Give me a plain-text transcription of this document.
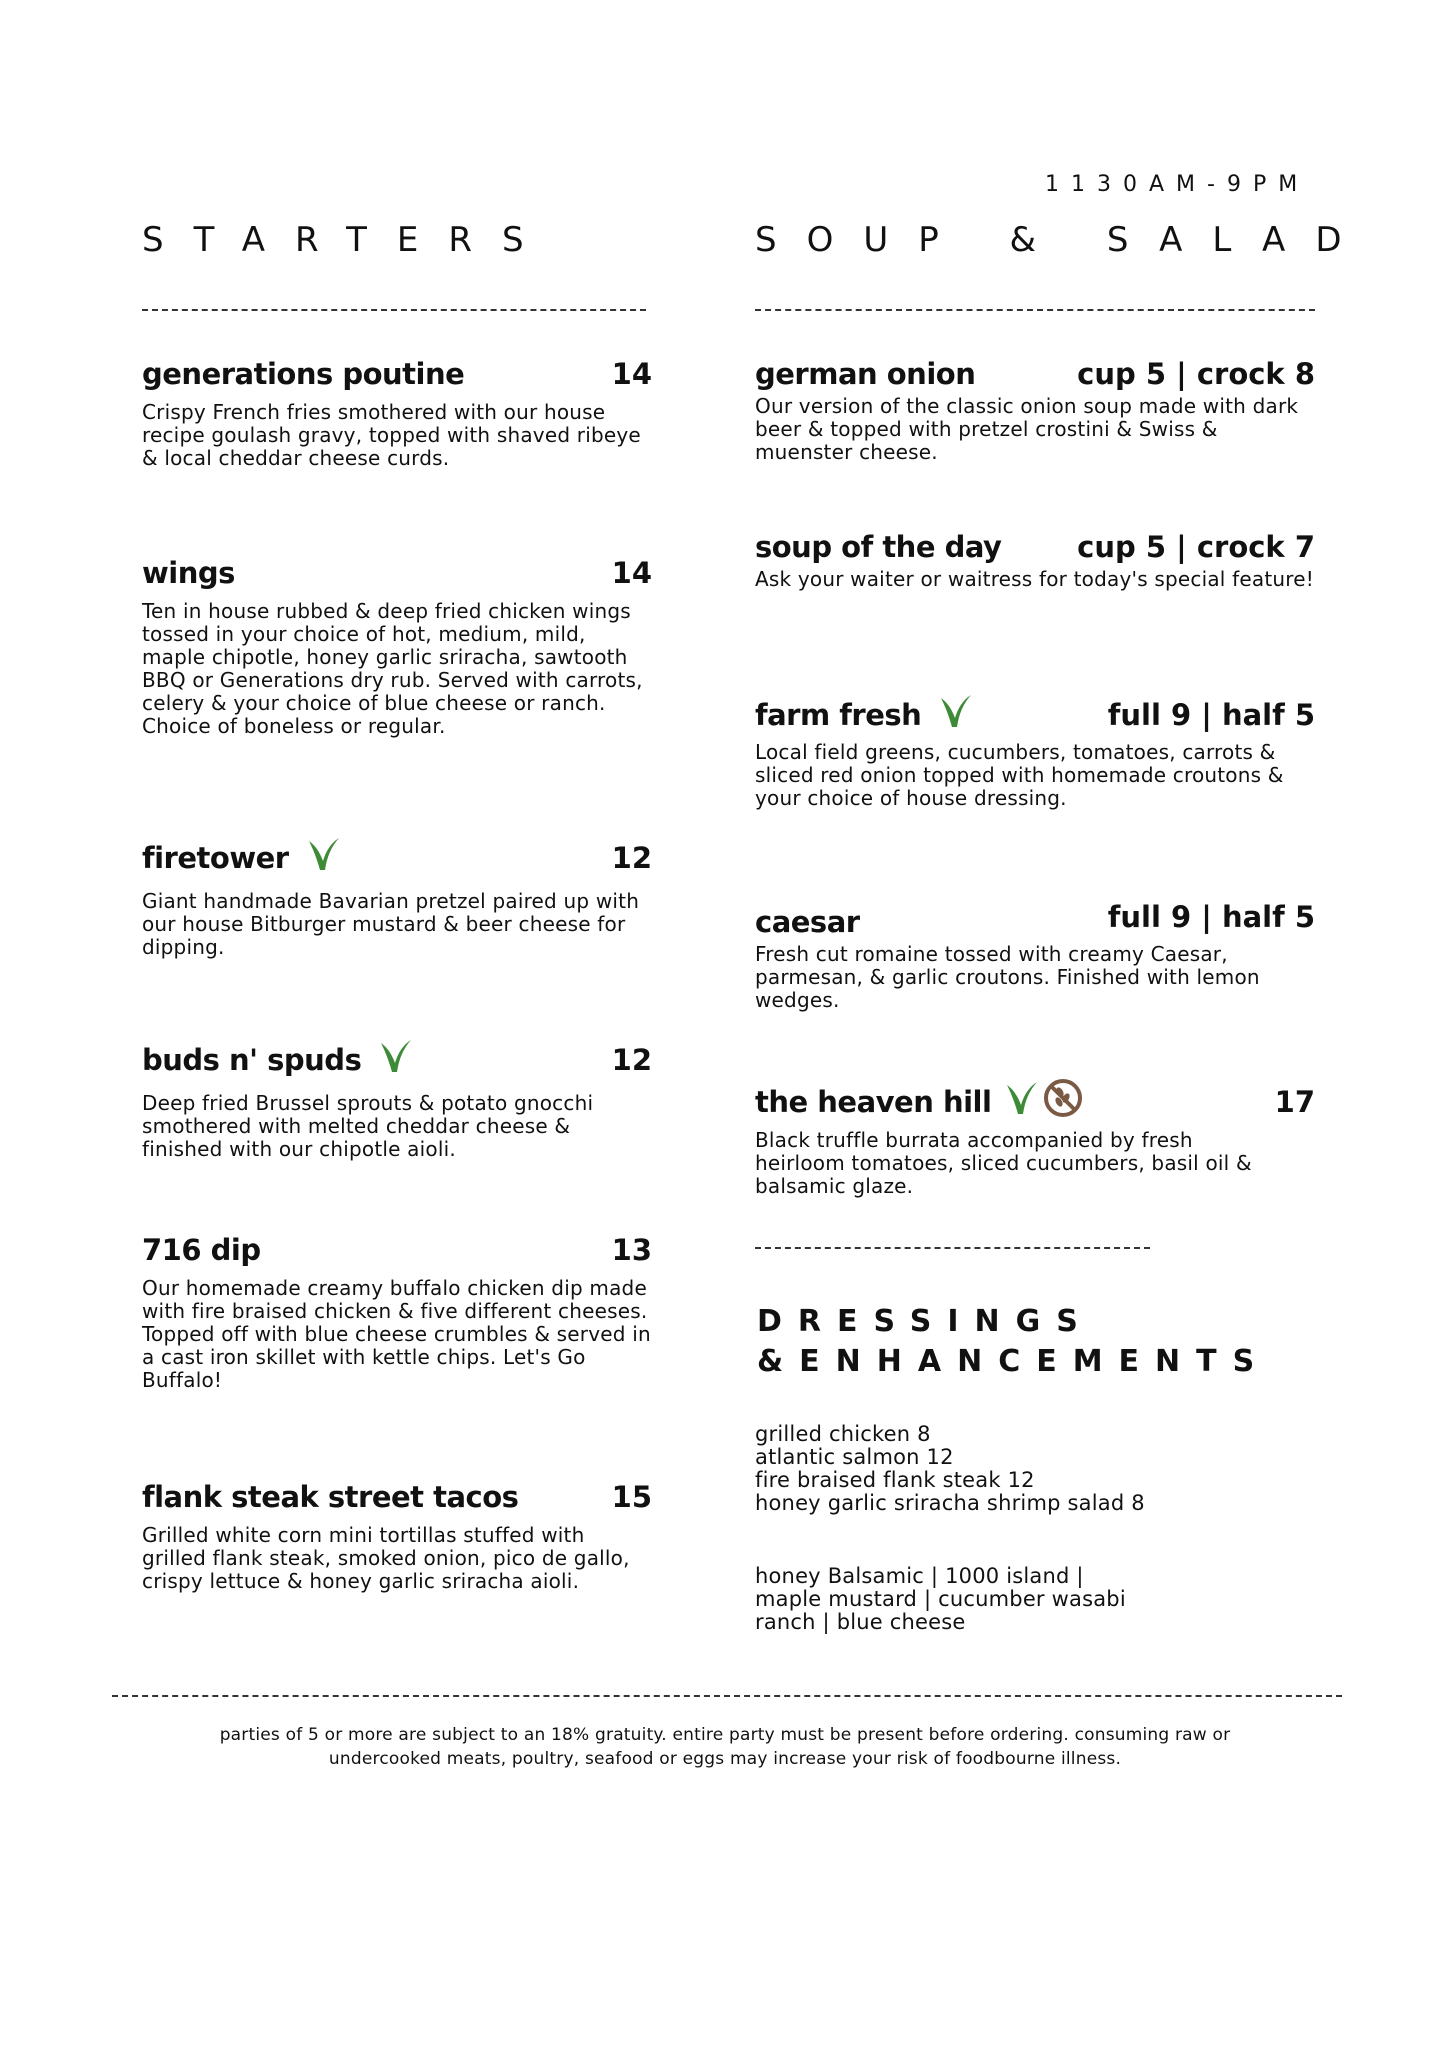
1130AM-9PM
STARTERS	SOUP & SALAD
generations poutine	14
Crispy French fries smothered with our house recipe goulash gravy, topped with shaved ribeye & local cheddar cheese curds.
wings	14
Ten in house rubbed & deep fried chicken wings tossed in your choice of hot, medium, mild, maple chipotle, honey garlic sriracha, sawtooth BBQ or Generations dry rub. Served with carrots, celery & your choice of blue cheese or ranch. Choice of boneless or regular.
firetower	12
Giant handmade Bavarian pretzel paired up with our house Bitburger mustard & beer cheese for dipping.
buds n' spuds	12
Deep fried Brussel sprouts & potato gnocchi smothered with melted cheddar cheese & finished with our chipotle aioli.
716 dip	13
Our homemade creamy buffalo chicken dip made with fire braised chicken & five different cheeses. Topped off with blue cheese crumbles & served in a cast iron skillet with kettle chips. Let's Go Buffalo!
flank steak street tacos	15
Grilled white corn mini tortillas stuffed with grilled flank steak, smoked onion, pico de gallo, crispy lettuce & honey garlic sriracha aioli.
german onion	cup 5 | crock 8
Our version of the classic onion soup made with dark beer & topped with pretzel crostini & Swiss & muenster cheese.
soup of the day	cup 5 | crock 7
Ask your waiter or waitress for today's special feature!
farm fresh	full 9 | half 5
Local field greens, cucumbers, tomatoes, carrots & sliced red onion topped with homemade croutons & your choice of house dressing.
caesar	full 9 | half 5
Fresh cut romaine tossed with creamy Caesar, parmesan, & garlic croutons. Finished with lemon wedges.
the heaven hill	17
Black truffle burrata accompanied by fresh heirloom tomatoes, sliced cucumbers, basil oil & balsamic glaze.
DRESSINGS
&ENHANCEMENTS
grilled chicken 8
atlantic salmon 12
fire braised flank steak 12
honey garlic sriracha shrimp salad 8
honey Balsamic | 1000 island |
maple mustard | cucumber wasabi
ranch | blue cheese
parties of 5 or more are subject to an 18% gratuity. entire party must be present before ordering. consuming raw or
undercooked meats, poultry, seafood or eggs may increase your risk of foodbourne illness.
